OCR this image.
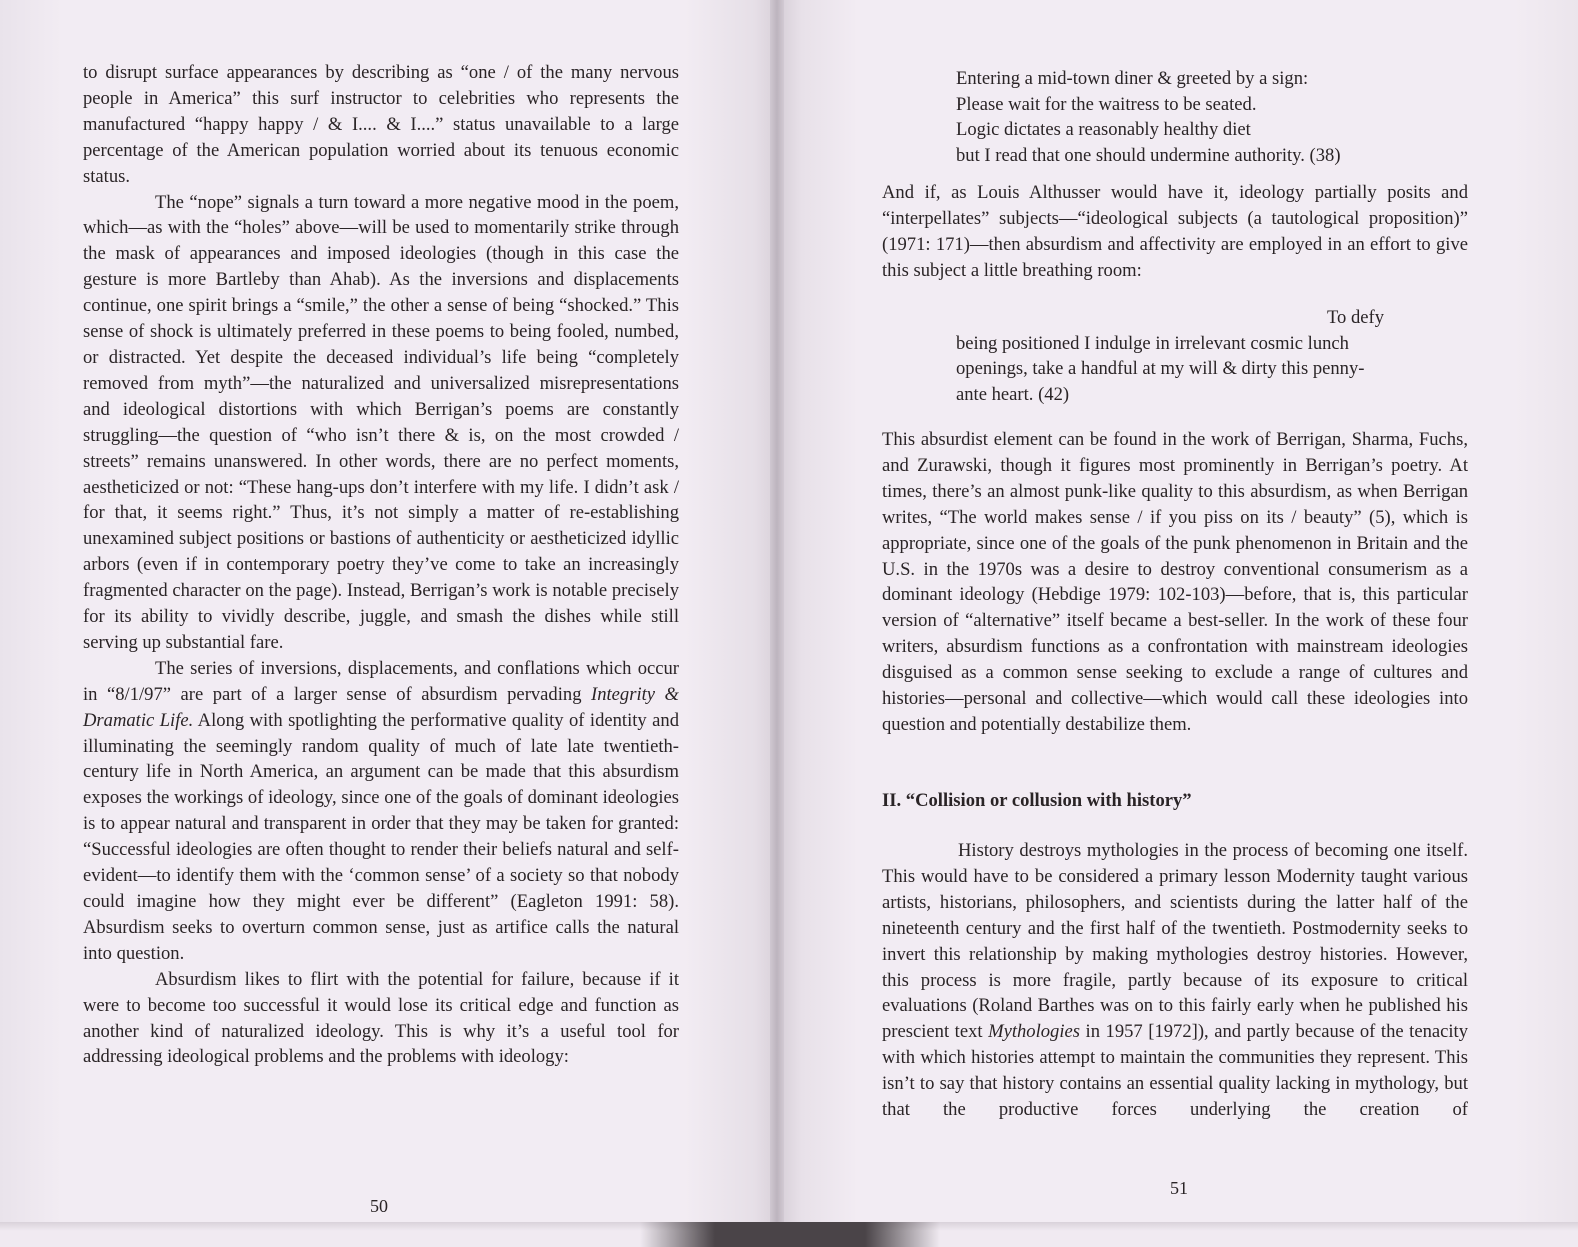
to disrupt surface appearances by describing as “one / of the many nervous people in America” this surf instructor to celebrities who represents the manufactured “happy happy / & I.... & I....” status unavailable to a large percentage of the American population worried about its tenuous economic status.

The “nope” signals a turn toward a more negative mood in the poem, which—as with the “holes” above—will be used to momentarily strike through the mask of appearances and imposed ideologies (though in this case the gesture is more Bartleby than Ahab). As the inversions and displacements continue, one spirit brings a “smile,” the other a sense of being “shocked.” This sense of shock is ultimately preferred in these poems to being fooled, numbed, or distracted. Yet despite the deceased individual’s life being “completely removed from myth”—the naturalized and universalized misrepresentations and ideological distortions with which Berrigan’s poems are constantly struggling—the question of “who isn’t there & is, on the most crowded / streets” remains unanswered. In other words, there are no perfect moments, aestheticized or not: “These hang-ups don’t interfere with my life. I didn’t ask / for that, it seems right.” Thus, it’s not simply a matter of re-establishing unexamined subject positions or bastions of authenticity or aestheticized idyllic arbors (even if in contemporary poetry they’ve come to take an increasingly fragmented character on the page). Instead, Berrigan’s work is notable precisely for its ability to vividly describe, juggle, and smash the dishes while still serving up substantial fare.

The series of inversions, displacements, and conflations which occur in “8/1/97” are part of a larger sense of absurdism pervading Integrity & Dramatic Life. Along with spotlighting the performative quality of identity and illuminating the seemingly random quality of much of late late twentieth-century life in North America, an argument can be made that this absurdism exposes the workings of ideology, since one of the goals of dominant ideologies is to appear natural and transparent in order that they may be taken for granted: “Successful ideologies are often thought to render their beliefs natural and self-evident—to identify them with the ‘common sense’ of a society so that nobody could imagine how they might ever be different” (Eagleton 1991: 58). Absurdism seeks to overturn common sense, just as artifice calls the natural into question.

Absurdism likes to flirt with the potential for failure, because if it were to become too successful it would lose its critical edge and function as another kind of naturalized ideology. This is why it’s a useful tool for addressing ideological problems and the problems with ideology:

50
Entering a mid-town diner & greeted by a sign:
Please wait for the waitress to be seated.
Logic dictates a reasonably healthy diet
but I read that one should undermine authority. (38)

And if, as Louis Althusser would have it, ideology partially posits and “interpellates” subjects—“ideological subjects (a tautological proposition)” (1971: 171)—then absurdism and affectivity are employed in an effort to give this subject a little breathing room:

To defy
being positioned I indulge in irrelevant cosmic lunch
openings, take a handful at my will & dirty this penny-
ante heart. (42)

This absurdist element can be found in the work of Berrigan, Sharma, Fuchs, and Zurawski, though it figures most prominently in Berrigan’s poetry. At times, there’s an almost punk-like quality to this absurdism, as when Berrigan writes, “The world makes sense / if you piss on its / beauty” (5), which is appropriate, since one of the goals of the punk phenomenon in Britain and the U.S. in the 1970s was a desire to destroy conventional consumerism as a dominant ideology (Hebdige 1979: 102-103)—before, that is, this particular version of “alternative” itself became a best-seller. In the work of these four writers, absurdism functions as a confrontation with mainstream ideologies disguised as a common sense seeking to exclude a range of cultures and histories—personal and collective—which would call these ideologies into question and potentially destabilize them.

II. “Collision or collusion with history”

History destroys mythologies in the process of becoming one itself. This would have to be considered a primary lesson Modernity taught various artists, historians, philosophers, and scientists during the latter half of the nineteenth century and the first half of the twentieth. Postmodernity seeks to invert this relationship by making mythologies destroy histories. However, this process is more fragile, partly because of its exposure to critical evaluations (Roland Barthes was on to this fairly early when he published his prescient text Mythologies in 1957 [1972]), and partly because of the tenacity with which histories attempt to maintain the communities they represent. This isn’t to say that history contains an essential quality lacking in mythology, but that the productive forces underlying the creation of

51
